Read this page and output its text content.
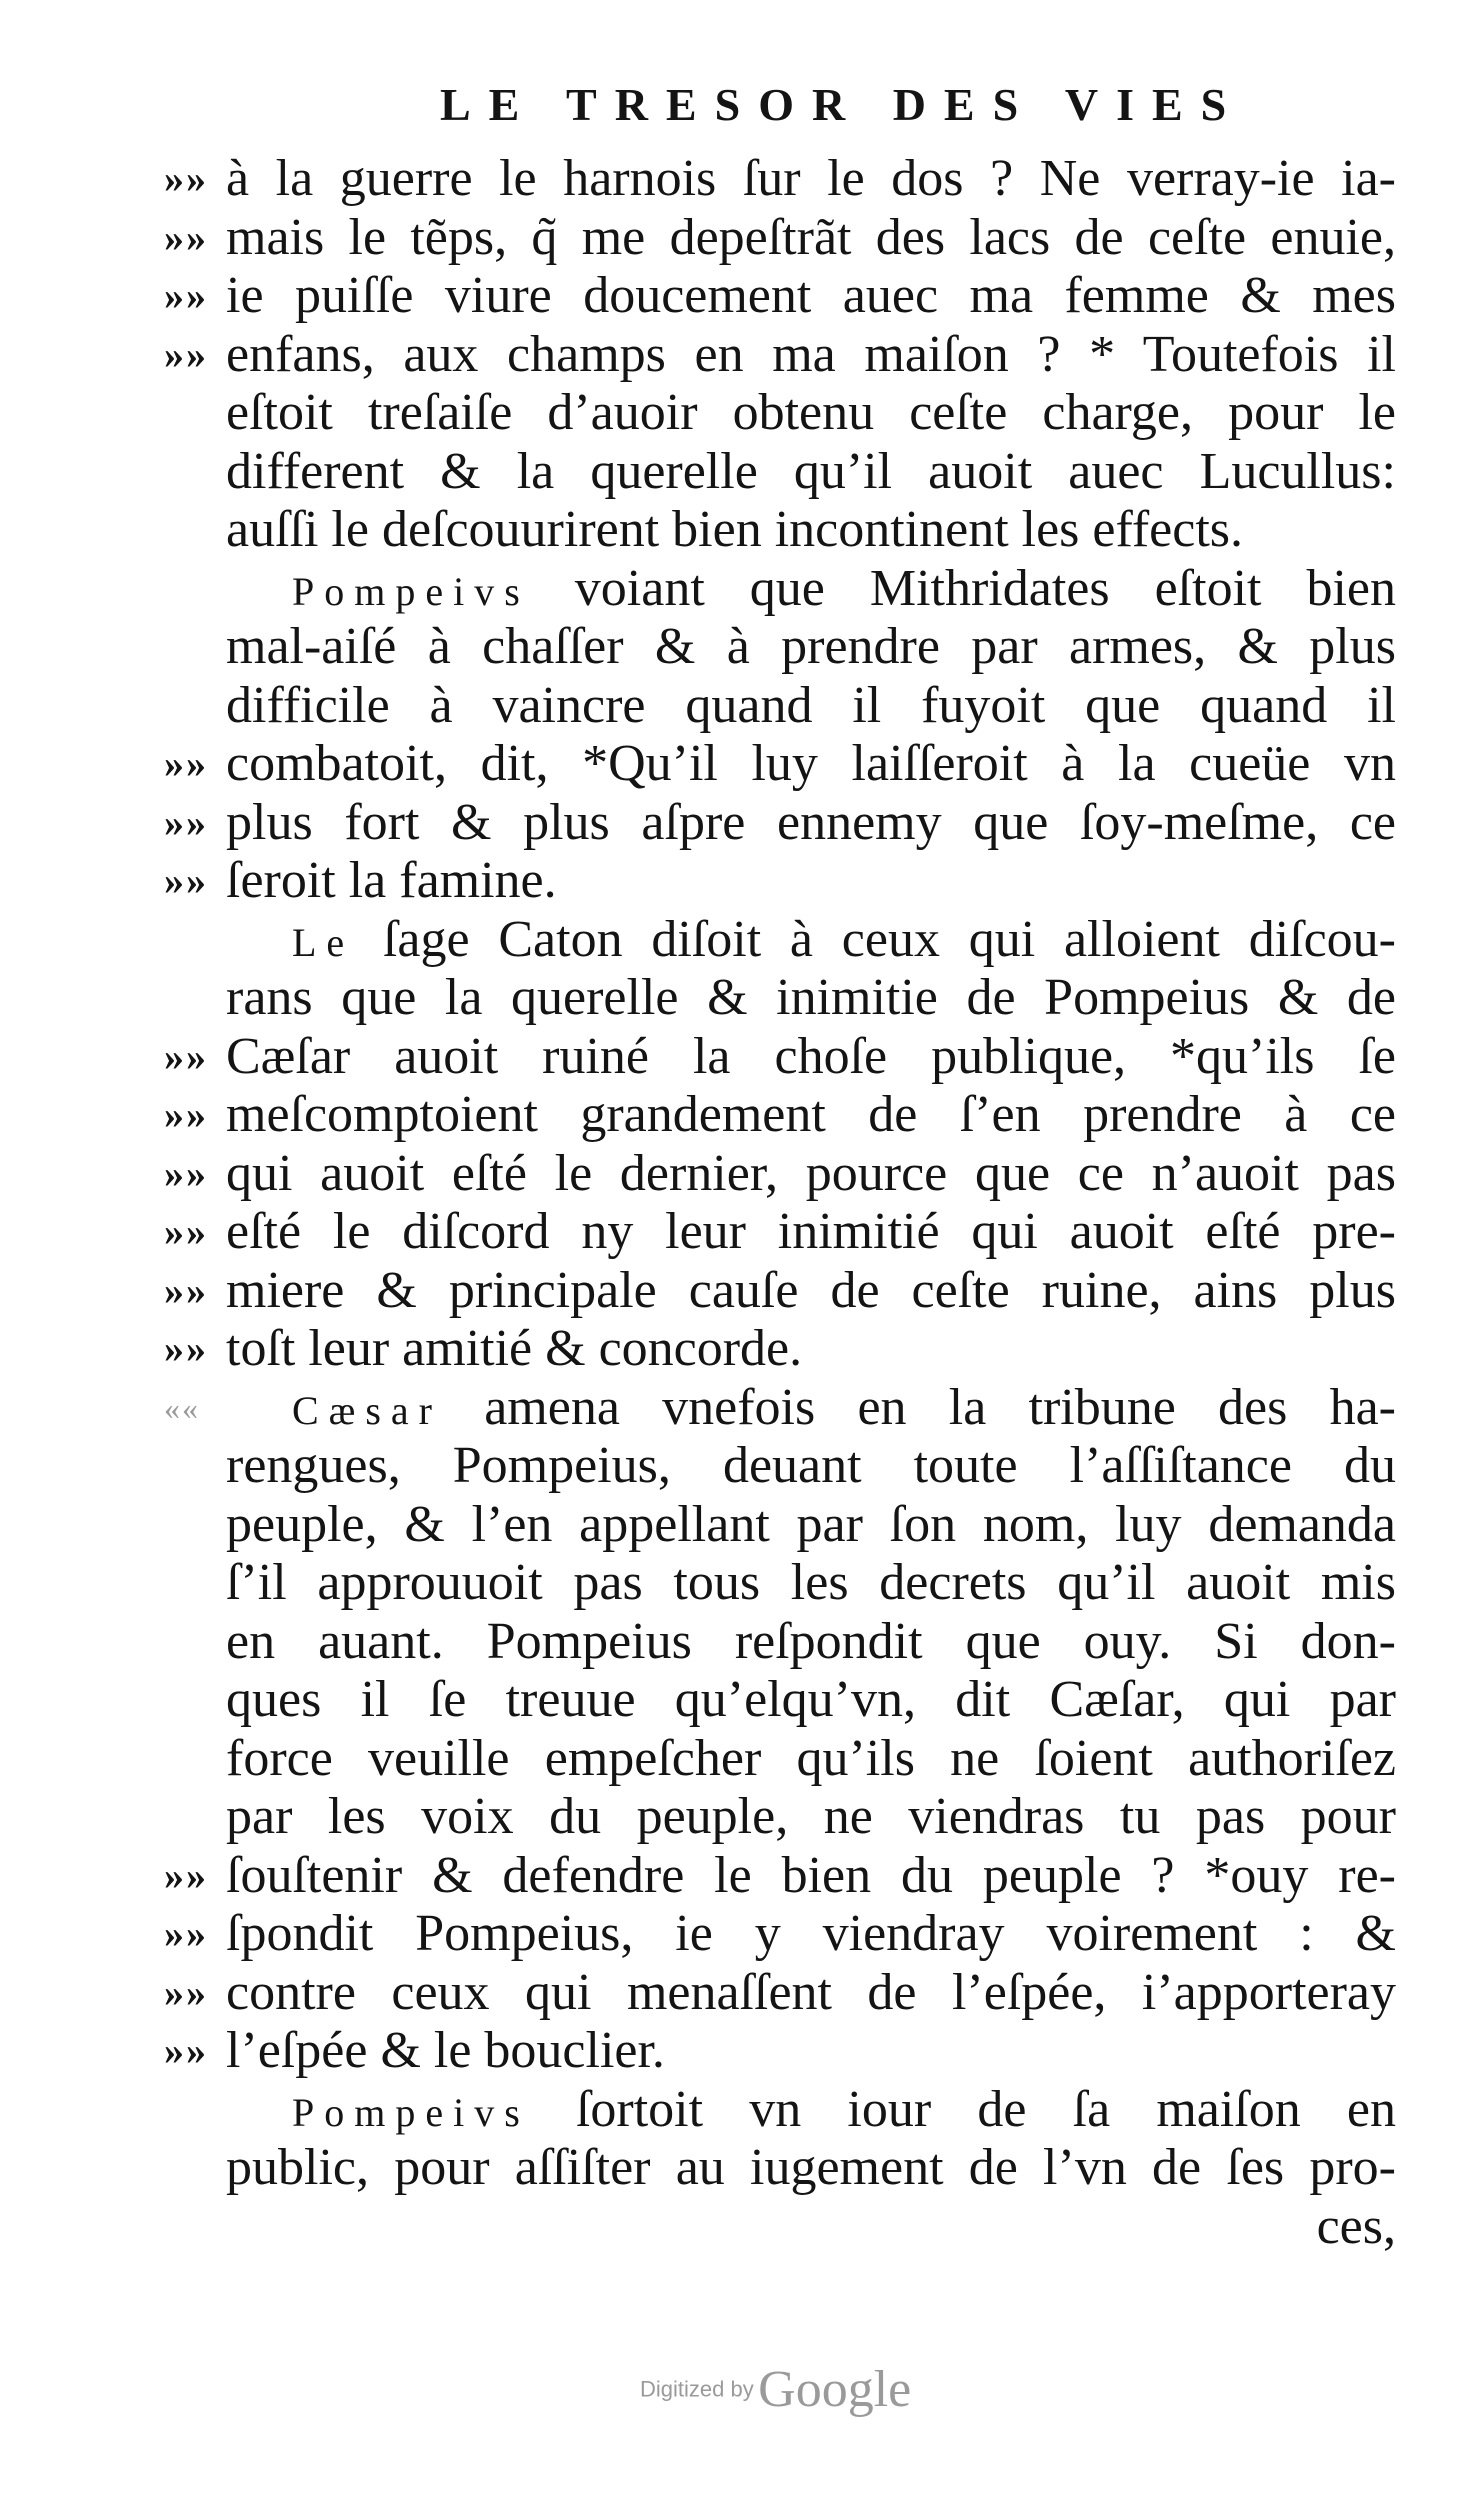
LE TRESOR DES VIES
»» à la guerre le harnois ſur le dos ? Ne verray-ie ia-
»» mais le tẽps, q̃ me depeſtrãt des lacs de ceſte enuie,
»» ie puiſſe viure doucement auec ma femme & mes
»» enfans, aux champs en ma maiſon ? * Toutefois il
eſtoit treſaiſe d’auoir obtenu ceſte charge, pour le
different & la querelle qu’il auoit auec Lucullus:
auſſi le deſcouurirent bien incontinent les effects.
Pompeivs voiant que Mithridates eſtoit bien
mal-aiſé à chaſſer & à prendre par armes, & plus
difficile à vaincre quand il fuyoit que quand il
»» combatoit, dit, *Qu’il luy laiſſeroit à la cueüe vn
»» plus fort & plus aſpre ennemy que ſoy-meſme, ce
»» ſeroit la famine.
Le ſage Caton diſoit à ceux qui alloient diſcou-
rans que la querelle & inimitie de Pompeius & de
»» Cæſar auoit ruiné la choſe publique, *qu’ils ſe
»» meſcomptoient grandement de ſ’en prendre à ce
»» qui auoit eſté le dernier, pource que ce n’auoit pas
»» eſté le diſcord ny leur inimitié qui auoit eſté pre-
»» miere & principale cauſe de ceſte ruine, ains plus
»» toſt leur amitié & concorde.
««	Cæsar amena vnefois en la tribune des ha-
rengues, Pompeius, deuant toute l’aſſiſtance du
peuple, & l’en appellant par ſon nom, luy demanda
ſ’il approuuoit pas tous les decrets qu’il auoit mis
en auant. Pompeius reſpondit que ouy. Si don-
ques il ſe treuue qu’elqu’vn, dit Cæſar, qui par
force veuille empeſcher qu’ils ne ſoient authoriſez
par les voix du peuple, ne viendras tu pas pour
»» ſouſtenir & defendre le bien du peuple ? *ouy re-
»» ſpondit Pompeius, ie y viendray voirement : &
»» contre ceux qui menaſſent de l’eſpée, i’apporteray
»» l’eſpée & le bouclier.
Pompeivs ſortoit vn iour de ſa maiſon en
public, pour aſſiſter au iugement de l’vn de ſes pro-
ces,
Digitized by Google
